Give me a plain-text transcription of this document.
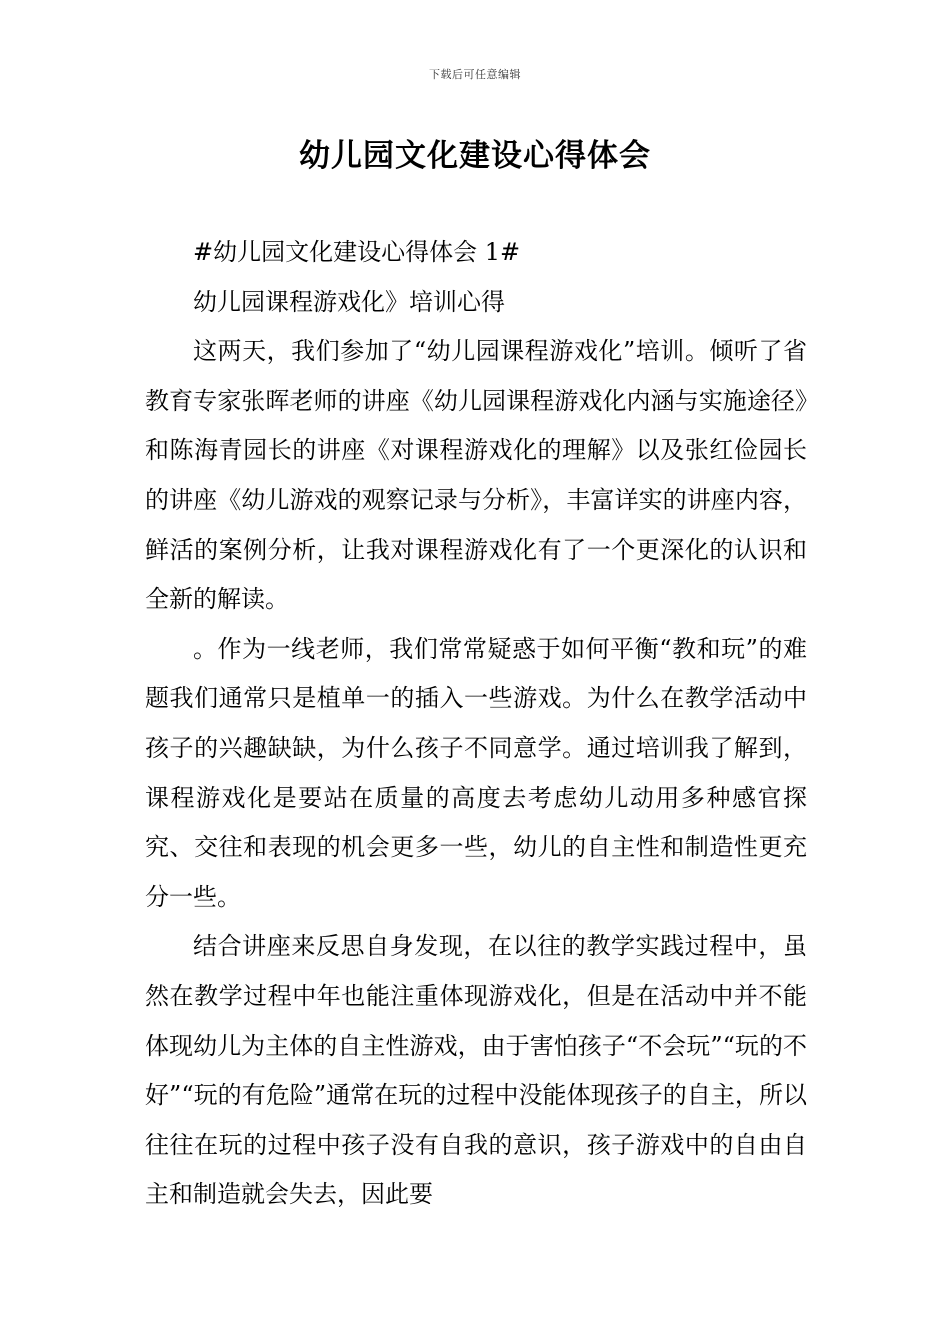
下载后可任意编辑
幼儿园文化建设心得体会

#幼儿园文化建设心得体会 1#

幼儿园课程游戏化》培训心得

这两天，我们参加了“幼儿园课程游戏化”培训。倾听了省教育专家张晖老师的讲座《幼儿园课程游戏化内涵与实施途径》和陈海青园长的讲座《对课程游戏化的理解》以及张红俭园长的讲座《幼儿游戏的观察记录与分析》，丰富详实的讲座内容，鲜活的案例分析，让我对课程游戏化有了一个更深化的认识和全新的解读。

。作为一线老师，我们常常疑惑于如何平衡“教和玩”的难题我们通常只是植单一的插入一些游戏。为什么在教学活动中孩子的兴趣缺缺，为什么孩子不同意学。通过培训我了解到，课程游戏化是要站在质量的高度去考虑幼儿动用多种感官探究、交往和表现的机会更多一些，幼儿的自主性和制造性更充分一些。

结合讲座来反思自身发现，在以往的教学实践过程中，虽然在教学过程中年也能注重体现游戏化，但是在活动中并不能体现幼儿为主体的自主性游戏，由于害怕孩子“不会玩”“玩的不好”“玩的有危险”通常在玩的过程中没能体现孩子的自主，所以往往在玩的过程中孩子没有自我的意识，孩子游戏中的自由自主和制造就会失去，因此要
